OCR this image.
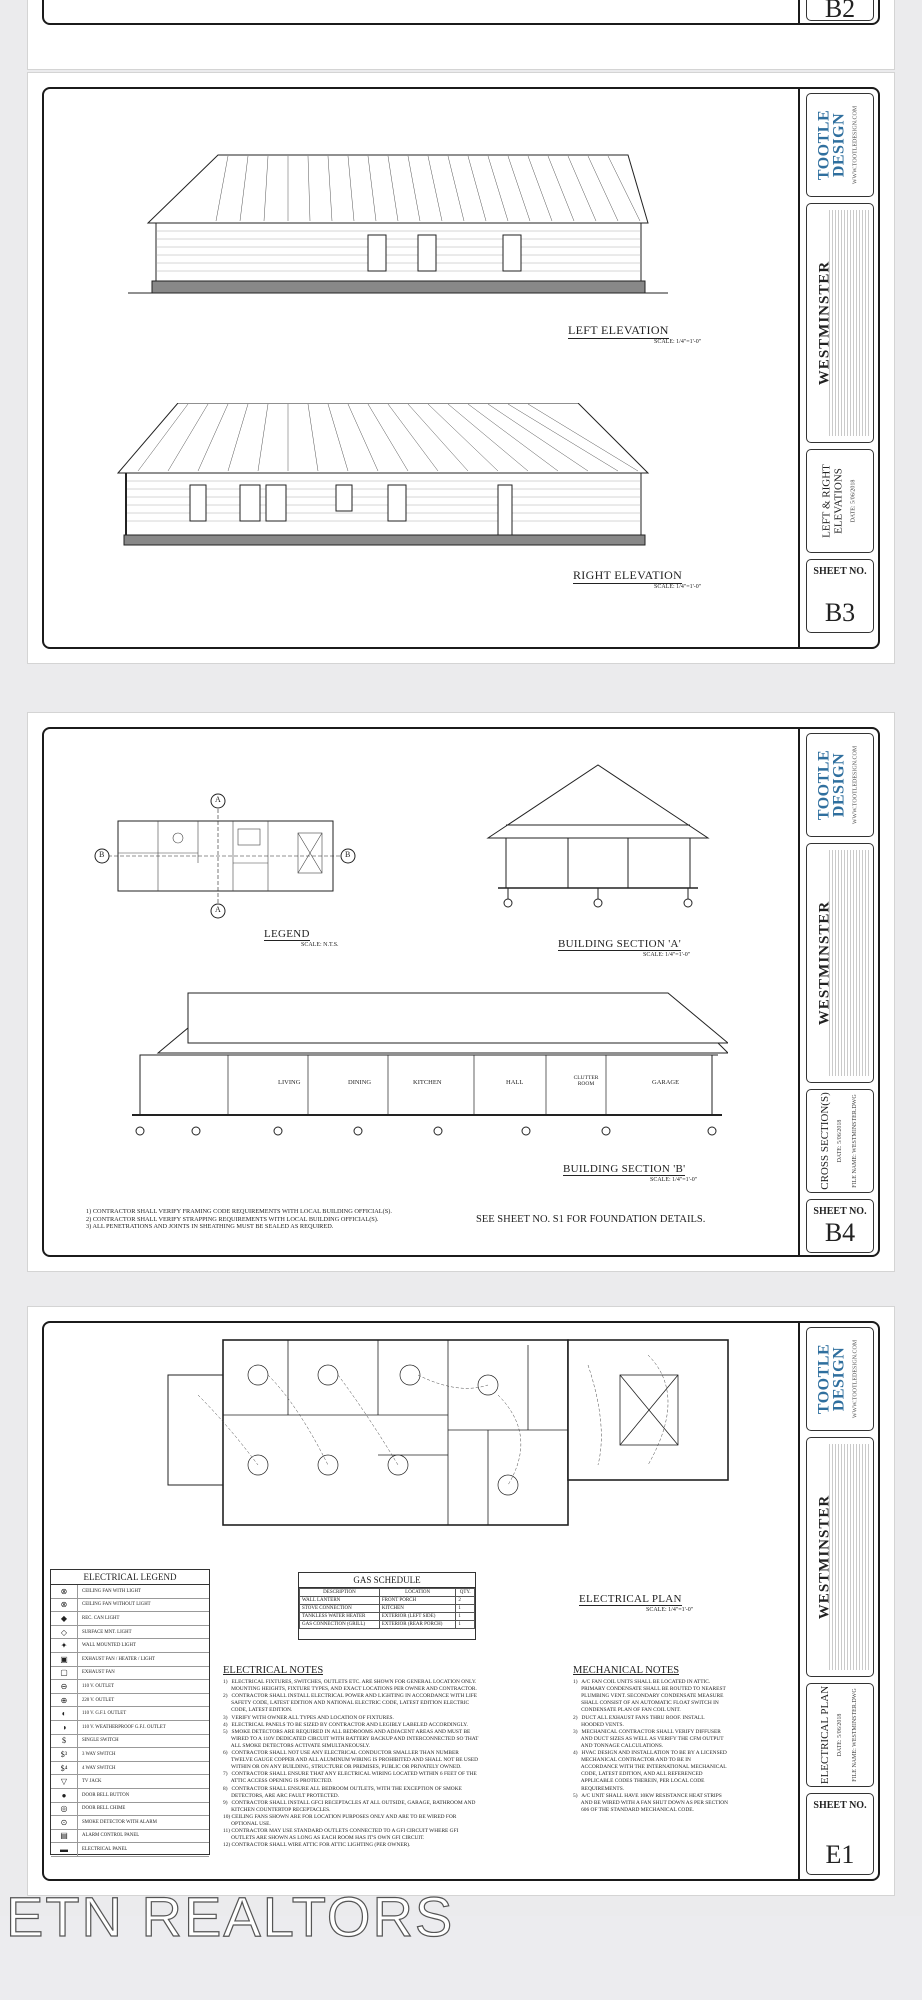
B2
LEFT ELEVATION
SCALE: 1/4"=1'-0"
RIGHT ELEVATION
SCALE: 1/4"=1'-0"
TOOTLE
DESIGN WWW.TOOTLEDESIGN.COM
WESTMINSTER
LEFT & RIGHT
ELEVATIONS	DATE: 5/06/2018
SHEET NO.
B3
A
A
B	B
LEGEND
SCALE: N.T.S.	BUILDING SECTION 'A'
SCALE: 1/4"=1'-0"
LIVING	DINING	KITCHEN	HALL
CLUTTER ROOM	GARAGE
BUILDING SECTION 'B'
SCALE: 1/4"=1'-0"
1) CONTRACTOR SHALL VERIFY FRAMING CODE REQUIREMENTS WITH LOCAL BUILDING OFFICIAL(S).
2) CONTRACTOR SHALL VERIFY STRAPPING REQUIREMENTS WITH LOCAL BUILDING OFFICIAL(S).
3) ALL PENETRATIONS AND JOINTS IN SHEATHING MUST BE SEALED AS REQUIRED.
SEE SHEET NO. S1 FOR FOUNDATION DETAILS.
TOOTLE
DESIGN WWW.TOOTLEDESIGN.COM
WESTMINSTER
CROSS SECTION(S)	DATE: 5/06/2018	FILE NAME: WESTMINSTER.DWG
SHEET NO.
B4
ELECTRICAL PLAN
SCALE: 1/4"=1'-0"
ELECTRICAL LEGEND
⊗	CEILING FAN WITH LIGHT
⊗	CEILING FAN WITHOUT LIGHT
◆	REC. CAN LIGHT
◇	SURFACE MNT. LIGHT
✦	WALL MOUNTED LIGHT
▣	EXHAUST FAN / HEATER / LIGHT
▢	EXHAUST FAN
⊖	110 V. OUTLET
⊕	220 V. OUTLET
◐	110 V. G.F.I. OUTLET
◑	110 V. WEATHERPROOF G.F.I. OUTLET
$	SINGLE SWITCH
$³	3 WAY SWITCH
$⁴	4 WAY SWITCH
▽	TV JACK
●	DOOR BELL BUTTON
◎	DOOR BELL CHIME
⊙	SMOKE DETECTOR WITH ALARM
▤	ALARM CONTROL PANEL
▬	ELECTRICAL PANEL
GAS SCHEDULE
DESCRIPTION	LOCATION	QTY.
WALL LANTERN	FRONT PORCH	2
STOVE CONNECTION	KITCHEN	1
TANKLESS WATER HEATER	EXTERIOR (LEFT SIDE)	1
GAS CONNECTION (GRILL)	EXTERIOR (REAR PORCH)	1
ELECTRICAL NOTES
1)   ELECTRICAL FIXTURES, SWITCHES, OUTLETS ETC. ARE SHOWN FOR GENERAL LOCATION ONLY.
MOUNTING HEIGHTS, FIXTURE TYPES, AND EXACT LOCATIONS PER OWNER AND CONTRACTOR.
2)   CONTRACTOR SHALL INSTALL ELECTRICAL POWER AND LIGHTING IN ACCORDANCE WITH LIFE
SAFETY CODE, LATEST EDITION AND NATIONAL ELECTRIC CODE, LATEST EDITION ELECTRIC
CODE, LATEST EDITION.
3)   VERIFY WITH OWNER ALL TYPES AND LOCATION OF FIXTURES.
4)   ELECTRICAL PANELS TO BE SIZED BY CONTRACTOR AND LEGIBLY LABELED ACCORDINGLY.
5)   SMOKE DETECTORS ARE REQUIRED IN ALL BEDROOMS AND ADJACENT AREAS AND MUST BE
WIRED TO A 110V DEDICATED CIRCUIT WITH BATTERY BACKUP AND INTERCONNECTED SO THAT
ALL SMOKE DETECTORS ACTIVATE SIMULTANEOUSLY.
6)   CONTRACTOR SHALL NOT USE ANY ELECTRICAL CONDUCTOR SMALLER THAN NUMBER
TWELVE GAUGE COPPER AND ALL ALUMINUM WIRING IS PROHIBITED AND SHALL NOT BE USED
WITHIN OR ON ANY BUILDING, STRUCTURE OR PREMISES, PUBLIC OR PRIVATELY OWNED.
7)   CONTRACTOR SHALL ENSURE THAT ANY ELECTRICAL WIRING LOCATED WITHIN 6 FEET OF THE
ATTIC ACCESS OPENING IS PROTECTED.
8)   CONTRACTOR SHALL ENSURE ALL BEDROOM OUTLETS, WITH THE EXCEPTION OF SMOKE
DETECTORS, ARE ARC FAULT PROTECTED.
9)   CONTRACTOR SHALL INSTALL GFCI RECEPTACLES AT ALL OUTSIDE, GARAGE, BATHROOM AND
KITCHEN COUNTERTOP RECEPTACLES.
10) CEILING FANS SHOWN ARE FOR LOCATION PURPOSES ONLY AND ARE TO BE WIRED FOR
OPTIONAL USE.
11) CONTRACTOR MAY USE STANDARD OUTLETS CONNECTED TO A GFI CIRCUIT WHERE GFI
OUTLETS ARE SHOWN AS LONG AS EACH ROOM HAS IT'S OWN GFI CIRCUIT.
12) CONTRACTOR SHALL WIRE ATTIC FOR ATTIC LIGHTING (PER OWNER).
MECHANICAL NOTES
1)   A/C FAN COIL UNITS SHALL BE LOCATED IN ATTIC.
PRIMARY CONDENSATE SHALL BE ROUTED TO NEAREST
PLUMBING VENT. SECONDARY CONDENSATE MEASURE
SHALL CONSIST OF AN AUTOMATIC FLOAT SWITCH IN
CONDENSATE PLAN OF FAN COIL UNIT.
2)   DUCT ALL EXHAUST FANS THRU ROOF. INSTALL
HOODED VENTS.
3)   MECHANICAL CONTRACTOR SHALL VERIFY DIFFUSER
AND DUCT SIZES AS WELL AS VERIFY THE CFM OUTPUT
AND TONNAGE CALCULATIONS.
4)   HVAC DESIGN AND INSTALLATION TO BE BY A LICENSED
MECHANICAL CONTRACTOR AND TO BE IN
ACCORDANCE WITH THE INTERNATIONAL MECHANICAL
CODE, LATEST EDITION, AND ALL REFERENCED
APPLICABLE CODES THEREIN, PER LOCAL CODE
REQUIREMENTS.
5)   A/C UNIT SHALL HAVE 10KW RESISTANCE HEAT STRIPS
AND BE WIRED WITH A FAN SHUT DOWN AS PER SECTION
606 OF THE STANDARD MECHANICAL CODE.
TOOTLE
DESIGN WWW.TOOTLEDESIGN.COM
WESTMINSTER
ELECTRICAL PLAN	DATE: 5/06/2018	FILE NAME: WESTMINSTER.DWG
SHEET NO.
E1
ETN REALTORS
